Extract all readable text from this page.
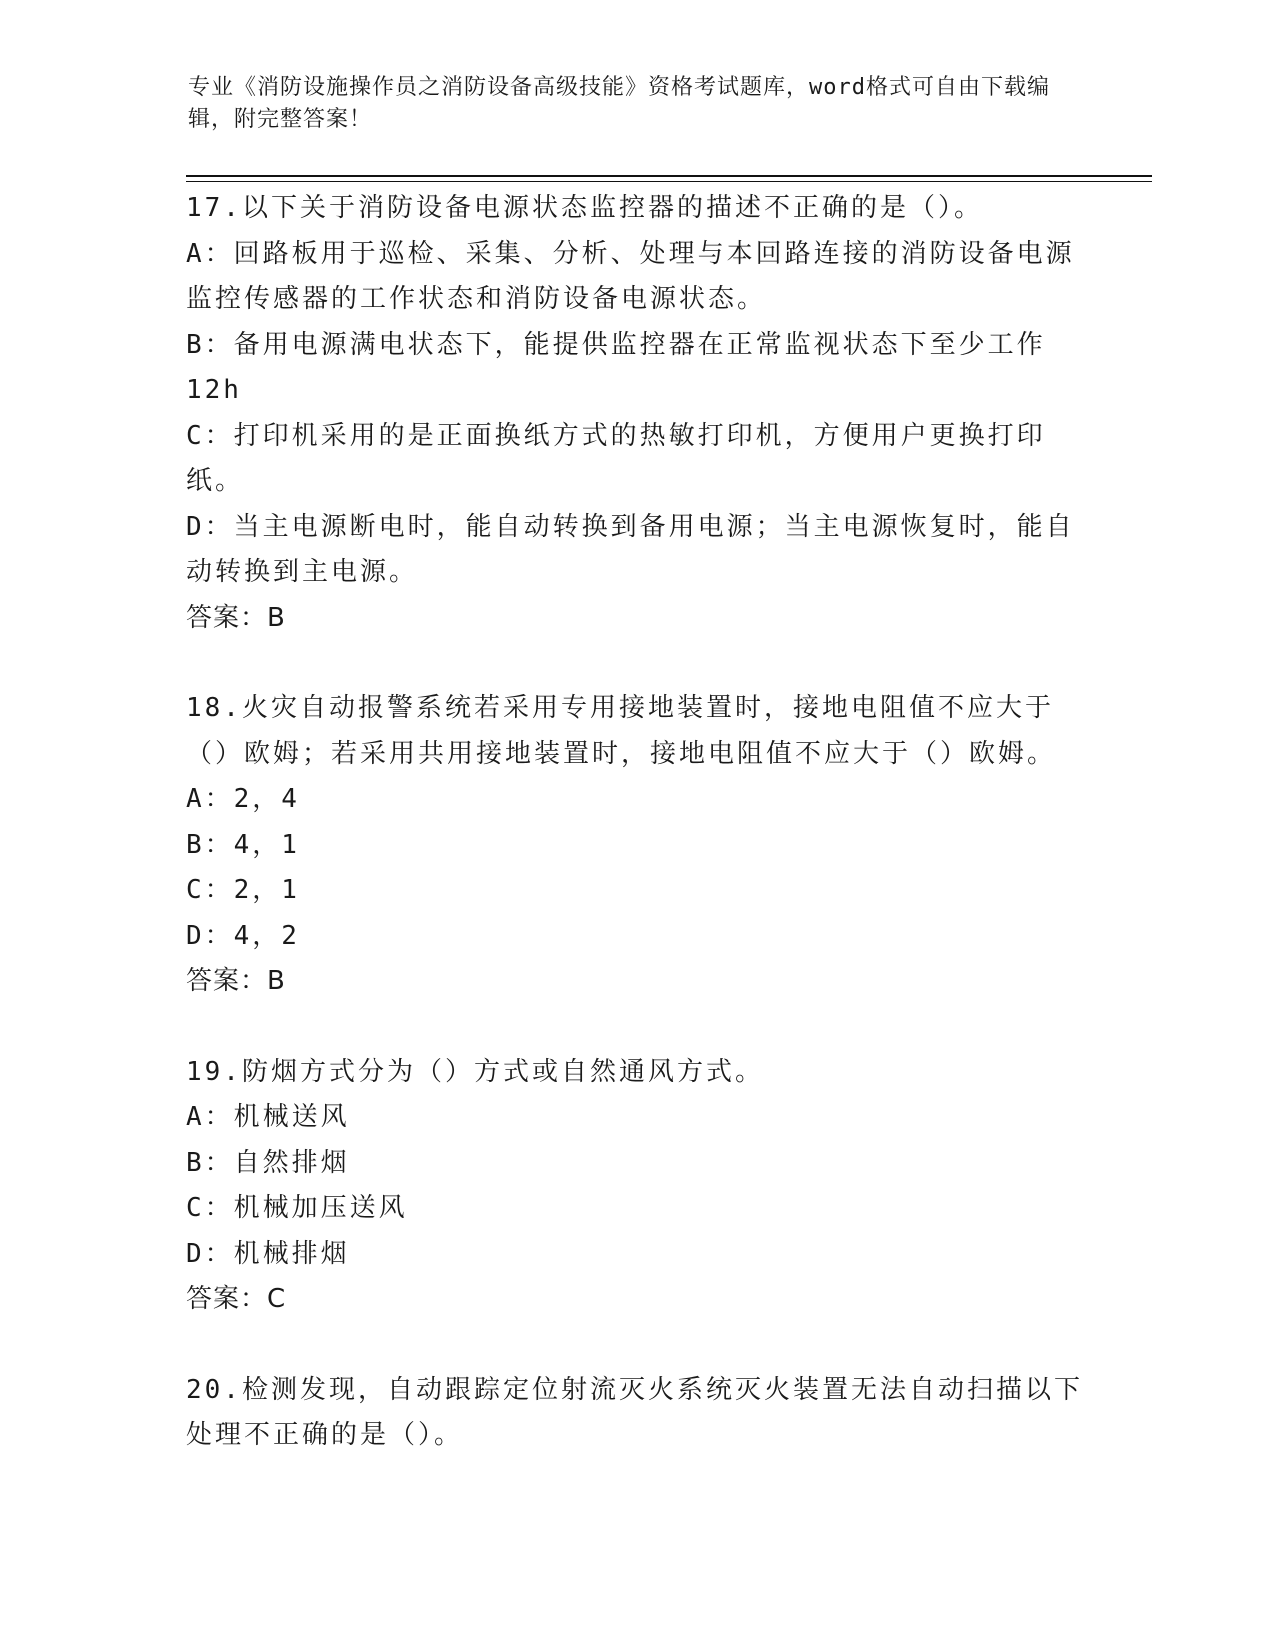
专业《消防设施操作员之消防设备高级技能》资格考试题库，word格式可自由下载编辑，附完整答案！
17.以下关于消防设备电源状态监控器的描述不正确的是（）。
A：回路板用于巡检、采集、分析、处理与本回路连接的消防设备电源监控传感器的工作状态和消防设备电源状态。
B：备用电源满电状态下，能提供监控器在正常监视状态下至少工作12h
C：打印机采用的是正面换纸方式的热敏打印机，方便用户更换打印纸。
D：当主电源断电时，能自动转换到备用电源；当主电源恢复时，能自动转换到主电源。
答案：B
18.火灾自动报警系统若采用专用接地装置时，接地电阻值不应大于（）欧姆；若采用共用接地装置时，接地电阻值不应大于（）欧姆。
A：2，4
B：4，1
C：2，1
D：4，2
答案：B
19.防烟方式分为（）方式或自然通风方式。
A：机械送风
B：自然排烟
C：机械加压送风
D：机械排烟
答案：C
20.检测发现，自动跟踪定位射流灭火系统灭火装置无法自动扫描以下处理不正确的是（）。
